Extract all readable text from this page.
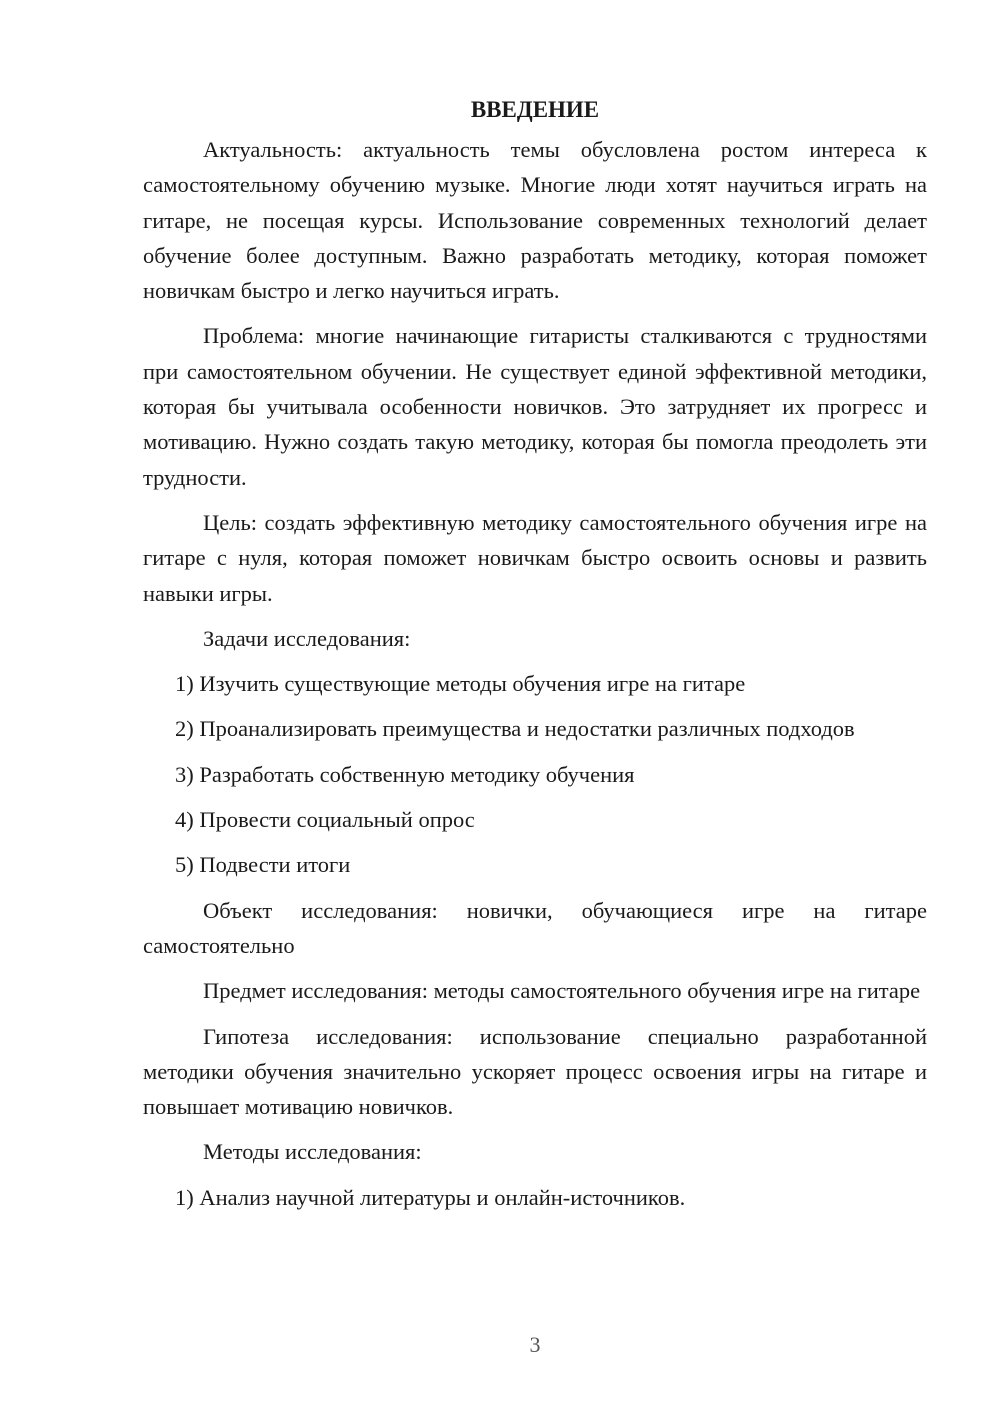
ВВЕДЕНИЕ

Актуальность: актуальность темы обусловлена ростом интереса к самостоятельному обучению музыке. Многие люди хотят научиться играть на гитаре, не посещая курсы. Использование современных технологий делает обучение более доступным. Важно разработать методику, которая поможет новичкам быстро и легко научиться играть.

Проблема: многие начинающие гитаристы сталкиваются с трудностями при самостоятельном обучении. Не существует единой эффективной методики, которая бы учитывала особенности новичков. Это затрудняет их прогресс и мотивацию. Нужно создать такую методику, которая бы помогла преодолеть эти трудности.

Цель: создать эффективную методику самостоятельного обучения игре на гитаре с нуля, которая поможет новичкам быстро освоить основы и развить навыки игры.

Задачи исследования:

1) Изучить существующие методы обучения игре на гитаре

2) Проанализировать преимущества и недостатки различных подходов

3) Разработать собственную методику обучения

4) Провести социальный опрос

5) Подвести итоги

Объект исследования: новички, обучающиеся игре на гитаре самостоятельно

Предмет исследования: методы самостоятельного обучения игре на гитаре

Гипотеза исследования: использование специально разработанной методики обучения значительно ускоряет процесс освоения игры на гитаре и повышает мотивацию новичков.

Методы исследования:

1) Анализ научной литературы и онлайн-источников.

3
